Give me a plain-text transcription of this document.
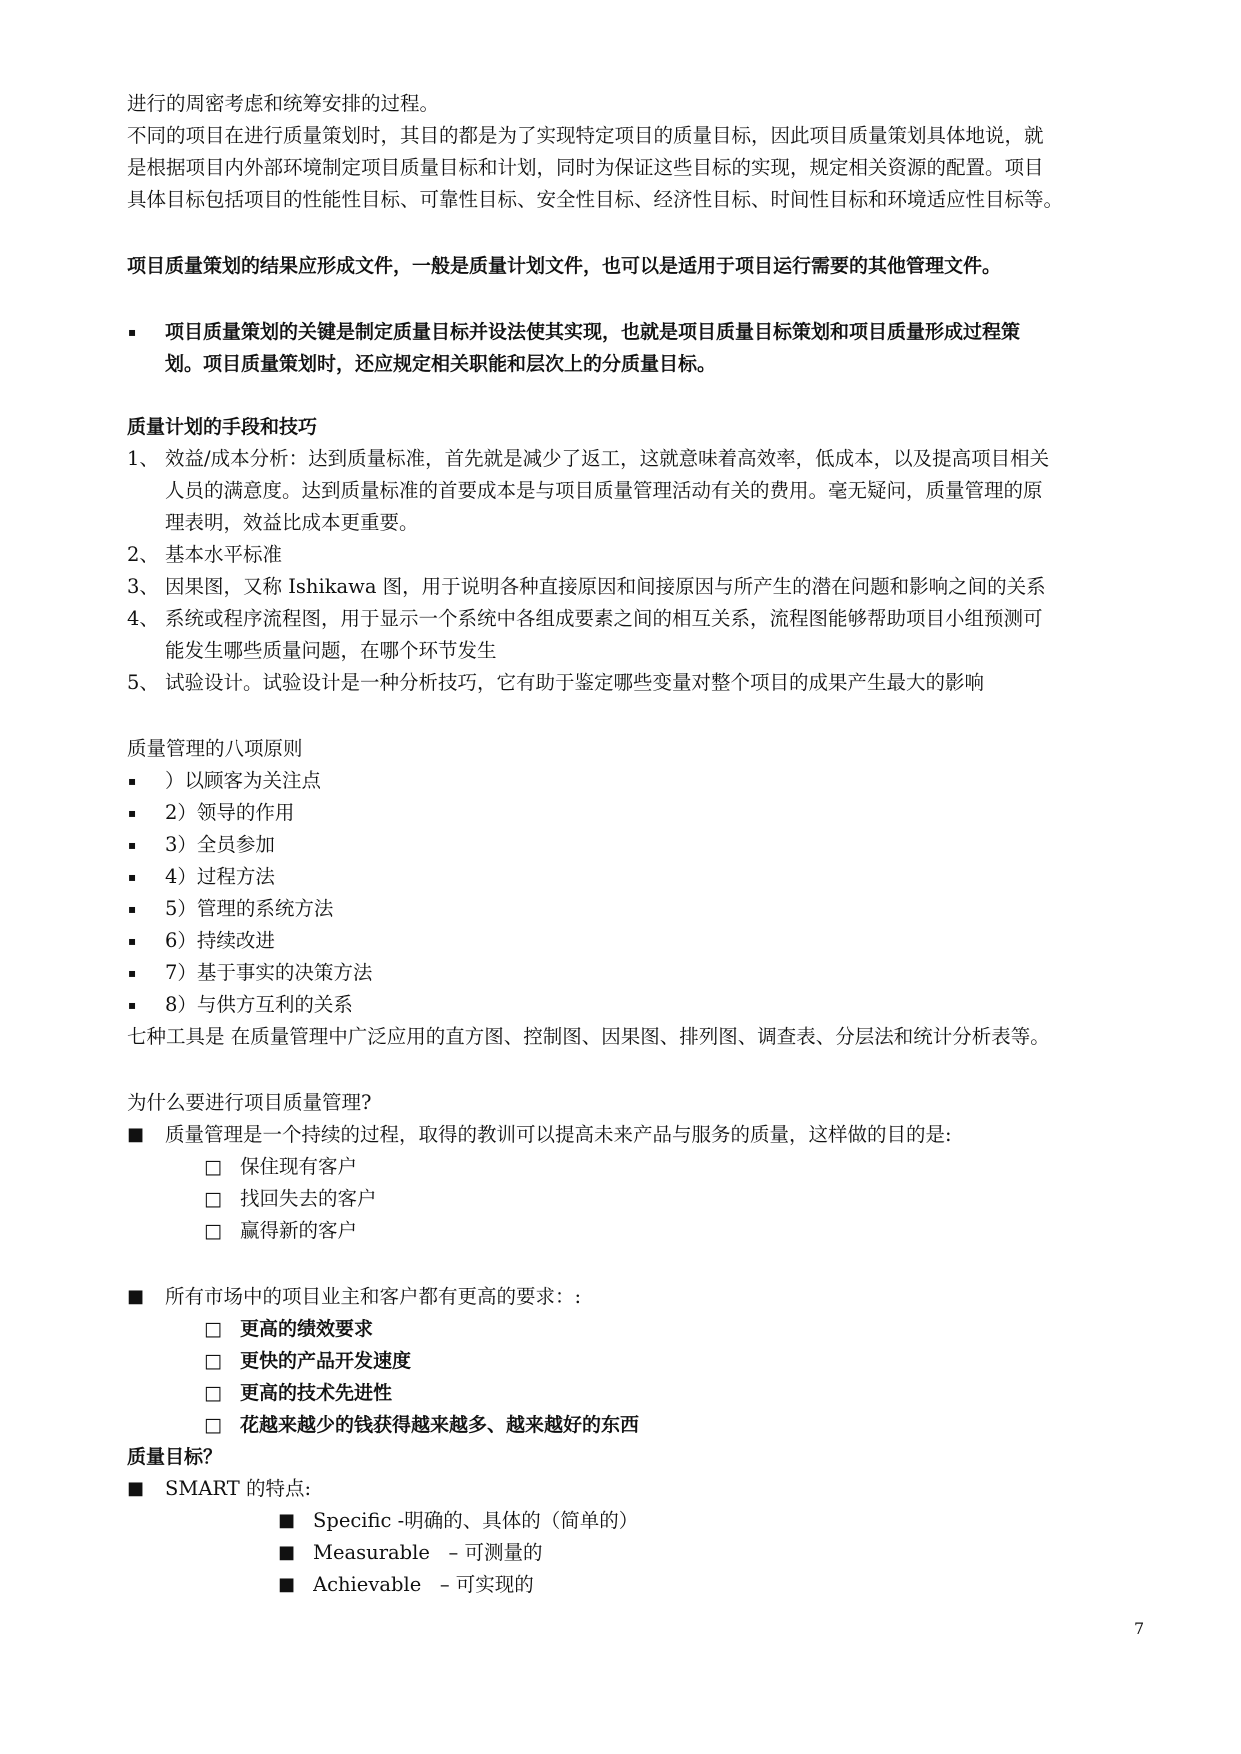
进行的周密考虑和统筹安排的过程。
不同的项目在进行质量策划时，其目的都是为了实现特定项目的质量目标，因此项目质量策划具体地说，就
是根据项目内外部环境制定项目质量目标和计划，同时为保证这些目标的实现，规定相关资源的配置。项目
具体目标包括项目的性能性目标、可靠性目标、安全性目标、经济性目标、时间性目标和环境适应性目标等。
项目质量策划的结果应形成文件，一般是质量计划文件，也可以是适用于项目运行需要的其他管理文件。
▪ 项目质量策划的关键是制定质量目标并设法使其实现，也就是项目质量目标策划和项目质量形成过程策
划。项目质量策划时，还应规定相关职能和层次上的分质量目标。
质量计划的手段和技巧
1、 效益/成本分析：达到质量标准，首先就是减少了返工，这就意味着高效率，低成本，以及提高项目相关
人员的满意度。达到质量标准的首要成本是与项目质量管理活动有关的费用。毫无疑问，质量管理的原
理表明，效益比成本更重要。
2、 基本水平标准
3、 因果图，又称 Ishikawa 图，用于说明各种直接原因和间接原因与所产生的潜在问题和影响之间的关系
4、 系统或程序流程图，用于显示一个系统中各组成要素之间的相互关系，流程图能够帮助项目小组预测可
能发生哪些质量问题，在哪个环节发生
5、 试验设计。试验设计是一种分析技巧，它有助于鉴定哪些变量对整个项目的成果产生最大的影响
质量管理的八项原则
▪ ）以顾客为关注点
▪ 2）领导的作用
▪ 3）全员参加
▪ 4）过程方法
▪ 5）管理的系统方法
▪ 6）持续改进
▪ 7）基于事实的决策方法
▪ 8）与供方互利的关系
七种工具是 在质量管理中广泛应用的直方图、控制图、因果图、排列图、调查表、分层法和统计分析表等。
为什么要进行项目质量管理?
■ 质量管理是一个持续的过程，取得的教训可以提高未来产品与服务的质量，这样做的目的是:
□ 保住现有客户
□ 找回失去的客户
□ 赢得新的客户
■ 所有市场中的项目业主和客户都有更高的要求：:
□ 更高的绩效要求
□ 更快的产品开发速度
□ 更高的技术先进性
□ 花越来越少的钱获得越来越多、越来越好的东西
质量目标？
■ SMART 的特点:
■ Specific -明确的、具体的（简单的）
■ Measurable   – 可测量的
■ Achievable   – 可实现的
7
